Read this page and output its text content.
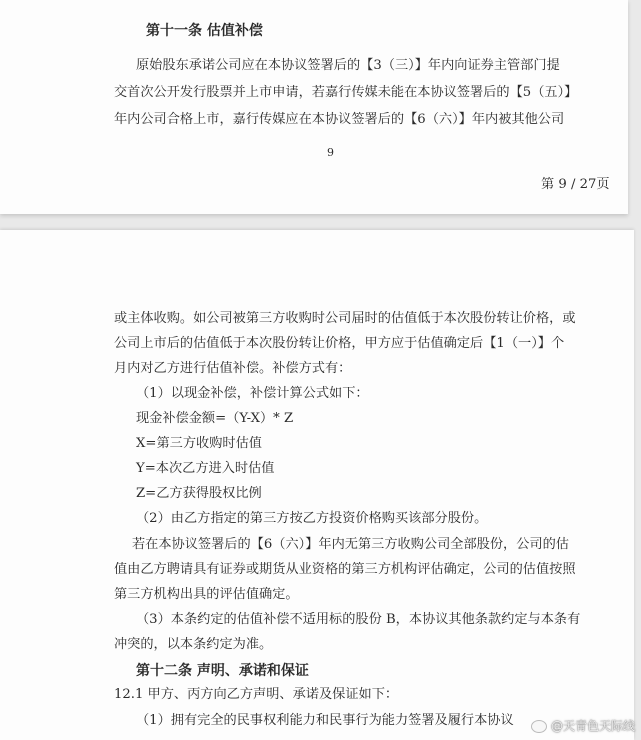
第十一条 估值补偿
原始股东承诺公司应在本协议签署后的【3（三）】年内向证券主管部门提
交首次公开发行股票并上市申请，若嘉行传媒未能在本协议签署后的【5（五）】
年内公司合格上市，嘉行传媒应在本协议签署后的【6（六）】年内被其他公司
9
第 9 / 27页
或主体收购。如公司被第三方收购时公司届时的估值低于本次股份转让价格，或
公司上市后的估值低于本次股份转让价格，甲方应于估值确定后【1（一）】个
月内对乙方进行估值补偿。补偿方式有：
（1）以现金补偿，补偿计算公式如下：
现金补偿金额=（Y-X）* Z
X=第三方收购时估值
Y=本次乙方进入时估值
Z=乙方获得股权比例
（2）由乙方指定的第三方按乙方投资价格购买该部分股份。
若在本协议签署后的【6（六）】年内无第三方收购公司全部股份，公司的估
值由乙方聘请具有证券或期货从业资格的第三方机构评估确定，公司的估值按照
第三方机构出具的评估值确定。
（3）本条约定的估值补偿不适用标的股份 B，本协议其他条款约定与本条有
冲突的，以本条约定为准。
第十二条 声明、承诺和保证
12.1 甲方、丙方向乙方声明、承诺及保证如下：
（1）拥有完全的民事权利能力和民事行为能力签署及履行本协议	@天青色天际线
